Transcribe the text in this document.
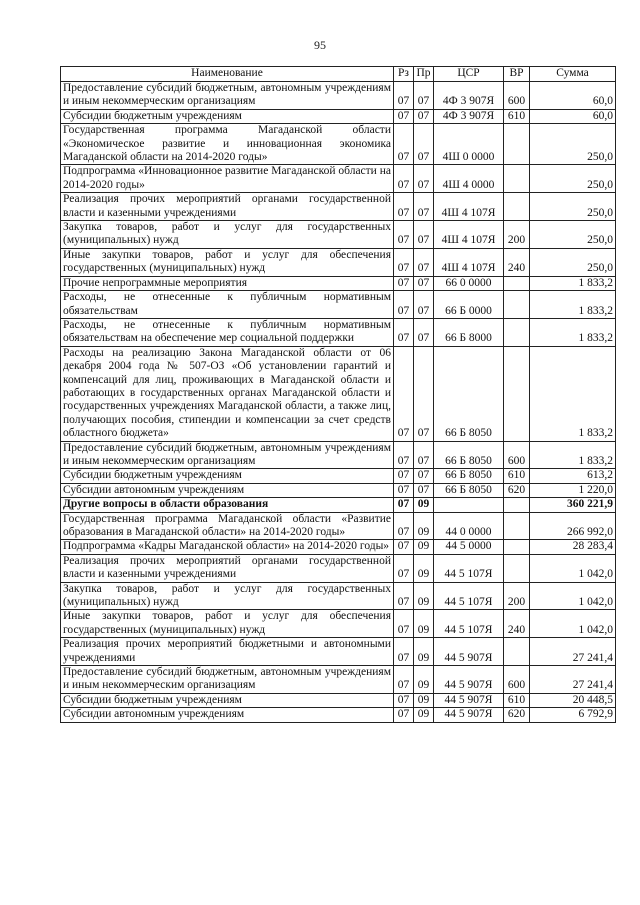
95
Наименование	Рз	Пр	ЦСР	ВР	Сумма
Предоставление субсидий бюджетным, автономным учреждениям и иным некоммерческим организациям	07	07	4Ф 3 907Я	600	60,0
Субсидии бюджетным учреждениям	07	07	4Ф 3 907Я	610	60,0
Государственная программа Магаданской области «Экономическое развитие и инновационная экономика Магаданской области на 2014-2020 годы»	07	07	4Ш 0 0000		250,0
Подпрограмма «Инновационное развитие Магаданской области на 2014-2020 годы»	07	07	4Ш 4 0000		250,0
Реализация прочих мероприятий органами государственной власти и казенными учреждениями	07	07	4Ш 4 107Я		250,0
Закупка товаров, работ и услуг для государственных (муниципальных) нужд	07	07	4Ш 4 107Я	200	250,0
Иные закупки товаров, работ и услуг для обеспечения государственных (муниципальных) нужд	07	07	4Ш 4 107Я	240	250,0
Прочие непрограммные мероприятия	07	07	66 0 0000		1 833,2
Расходы, не отнесенные к публичным нормативным обязательствам	07	07	66 Б 0000		1 833,2
Расходы, не отнесенные к публичным нормативным обязательствам на обеспечение мер социальной поддержки	07	07	66 Б 8000		1 833,2
Расходы на реализацию Закона Магаданской области от 06 декабря 2004 года № 507-ОЗ «Об установлении гарантий и компенсаций для лиц, проживающих в Магаданской области и работающих в государственных органах Магаданской области и государственных учреждениях Магаданской области, а также лиц, получающих пособия, стипендии и компенсации за счет средств областного бюджета»	07	07	66 Б 8050		1 833,2
Предоставление субсидий бюджетным, автономным учреждениям и иным некоммерческим организациям	07	07	66 Б 8050	600	1 833,2
Субсидии бюджетным учреждениям	07	07	66 Б 8050	610	613,2
Субсидии автономным учреждениям	07	07	66 Б 8050	620	1 220,0
Другие вопросы в области образования	07	09			360 221,9
Государственная программа Магаданской области «Развитие образования в Магаданской области» на 2014-2020 годы»	07	09	44 0 0000		266 992,0
Подпрограмма «Кадры Магаданской области» на 2014-2020 годы»	07	09	44 5 0000		28 283,4
Реализация прочих мероприятий органами государственной власти и казенными учреждениями	07	09	44 5 107Я		1 042,0
Закупка товаров, работ и услуг для государственных (муниципальных) нужд	07	09	44 5 107Я	200	1 042,0
Иные закупки товаров, работ и услуг для обеспечения государственных (муниципальных) нужд	07	09	44 5 107Я	240	1 042,0
Реализация прочих мероприятий бюджетными и автономными учреждениями	07	09	44 5 907Я		27 241,4
Предоставление субсидий бюджетным, автономным учреждениям и иным некоммерческим организациям	07	09	44 5 907Я	600	27 241,4
Субсидии бюджетным учреждениям	07	09	44 5 907Я	610	20 448,5
Субсидии автономным учреждениям	07	09	44 5 907Я	620	6 792,9
